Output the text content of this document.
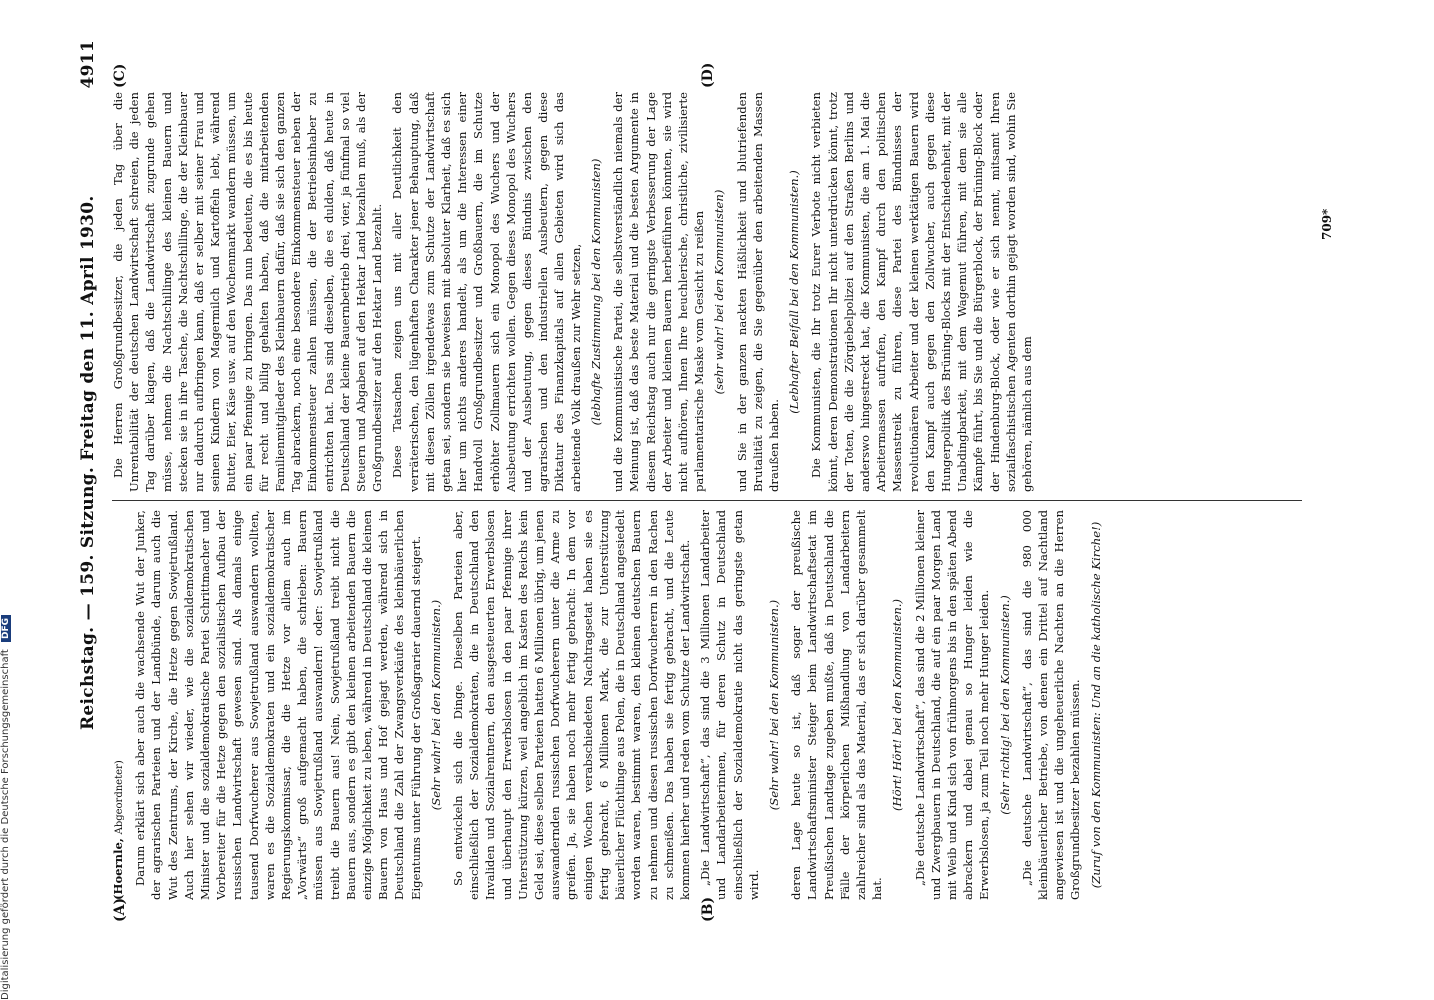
Reichstag. — 159. Sitzung. Freitag den 11. April 1930.
4911
(A)	(B)
(C)	(D)

(Hoernle, Abgeordneter) Darum erklärt sich aber auch die wachsende Wut der Junker, der agrarischen Parteien und der Landbünde, darum auch die Wut des Zentrums, der Kirche, die Hetze gegen Sowjetrußland. Auch hier sehen wir wieder, wie die sozialdemokratischen Minister und die sozialdemokratische Partei Schrittmacher und Vorbereiter für die Hetze gegen den sozialistischen Aufbau der russischen Landwirtschaft gewesen sind. Als damals einige tausend Dorfwucherer aus Sowjetrußland auswandern wollten, waren es die Sozialdemokraten und ein sozialdemokratischer Regierungskommissar, die die Hetze vor allem auch im „Vorwärts“ groß aufgemacht haben, die schrieben: Bauern müssen aus Sowjetrußland auswandern! oder: Sowjetrußland treibt die Bauern aus! Nein, Sowjetrußland treibt nicht die Bauern aus, sondern es gibt den kleinen arbeitenden Bauern die einzige Möglichkeit zu leben, während in Deutschland die kleinen Bauern von Haus und Hof gejagt werden, während sich in Deutschland die Zahl der Zwangsverkäufe des kleinbäuerlichen Eigentums unter Führung der Großagrarier dauernd steigert. (Sehr wahr! bei den Kommunisten.) So entwickeln sich die Dinge. Dieselben Parteien aber, einschließlich der Sozialdemokraten, die in Deutschland den Invaliden und Sozialrentnern, den ausgesteuerten Erwerbslosen und überhaupt den Erwerbslosen in den paar Pfennige ihrer Unterstützung kürzen, weil angeblich im Kasten des Reichs kein Geld sei, diese selben Parteien hatten 6 Millionen übrig, um jenen auswandernden russischen Dorfwucherern unter die Arme zu greifen. Ja, sie haben noch mehr fertig gebracht: In dem vor einigen Wochen verabschiedeten Nachtragsetat haben sie es fertig gebracht, 6 Millionen Mark, die zur Unterstützung bäuerlicher Flüchtlinge aus Polen, die in Deutschland angesiedelt worden waren, bestimmt waren, den kleinen deutschen Bauern zu nehmen und diesen russischen Dorfwucherern in den Rachen zu schmeißen. Das haben sie fertig gebracht, und die Leute kommen hierher und reden vom Schutze der Landwirtschaft. „Die Landwirtschaft“, das sind die 3 Millionen Landarbeiter und Landarbeiterinnen, für deren Schutz in Deutschland einschließlich der Sozialdemokratie nicht das geringste getan wird.

(Sehr wahr! bei den Kommunisten.) deren Lage heute so ist, daß sogar der preußische Landwirtschaftsminister Steiger beim Landwirtschaftsetat im Preußischen Landtage zugeben mußte, daß in Deutschland die Fälle der körperlichen Mißhandlung von Landarbeitern zahlreicher sind als das Material, das er sich darüber gesammelt hat.

(Hört! Hört! bei den Kommunisten.) „Die deutsche Landwirtschaft“, das sind die 2 Millionen kleiner und Zwergbauern in Deutschland, die auf ein paar Morgen Land mit Weib und Kind sich von frühmorgens bis in den späten Abend abrackern und dabei genau so Hunger leiden wie die Erwerbslosen, ja zum Teil noch mehr Hunger leiden. (Sehr richtig! bei den Kommunisten.) „Die deutsche Landwirtschaft“, das sind die 980 000 kleinbäuerlicher Betriebe, von denen ein Drittel auf Nachtland angewiesen ist und die ungeheuerliche Nachten an die Herren Großgrundbesitzer bezahlen müssen. (Zuruf von den Kommunisten: Und an die katholische Kirche!)

Die Herren Großgrundbesitzer, die jeden Tag über die Unrentabilität der deutschen Landwirtschaft schreien, die jeden Tag darüber klagen, daß die Landwirtschaft zugrunde gehen müsse, nehmen die Nachtschillinge des kleinen Bauern und stecken sie in ihre Tasche, die Nachtschillinge, die der Kleinbauer nur dadurch aufbringen kann, daß er selber mit seiner Frau und seinen Kindern von Magermilch und Kartoffeln lebt, während Butter, Eier, Käse usw. auf den Wochenmarkt wandern müssen, um ein paar Pfennige zu bringen. Das nun bedeuten, die es bis heute für recht und billig gehalten haben, daß die mitarbeitenden Familienmitglieder des Kleinbauern dafür, daß sie sich den ganzen Tag abrackern, noch eine besondere Einkommensteuer neben der Einkommensteuer zahlen müssen, die der Betriebsinhaber zu entrichten hat. Das sind dieselben, die es dulden, daß heute in Deutschland der kleine Bauernbetrieb drei, vier, ja fünfmal so viel Steuern und Abgaben auf den Hektar Land bezahlen muß, als der Großgrundbesitzer auf den Hektar Land bezahlt. Diese Tatsachen zeigen uns mit aller Deutlichkeit den verräterischen, den lügenhaften Charakter jener Behauptung, daß mit diesen Zöllen irgendetwas zum Schutze der Landwirtschaft getan sei, sondern sie beweisen mit absoluter Klarheit, daß es sich hier um nichts anderes handelt, als um die Interessen einer Handvoll Großgrundbesitzer und Großbauern, die im Schutze erhöhter Zollmauern sich ein Monopol des Wuchers und der Ausbeutung errichten wollen. Gegen dieses Monopol des Wuchers und der Ausbeutung, gegen dieses Bündnis zwischen den agrarischen und den industriellen Ausbeutern, gegen diese Diktatur des Finanzkapitals auf allen Gebieten wird sich das arbeitende Volk draußen zur Wehr setzen, (lebhafte Zustimmung bei den Kommunisten) und die Kommunistische Partei, die selbstverständlich niemals der Meinung ist, daß das beste Material und die besten Argumente in diesem Reichstag auch nur die geringste Verbesserung der Lage der Arbeiter und kleinen Bauern herbeiführen könnten, sie wird nicht aufhören, Ihnen Ihre heuchlerische, christliche, zivilisierte parlamentarische Maske vom Gesicht zu reißen (sehr wahr! bei den Kommunisten) und Sie in der ganzen nackten Häßlichkeit und blutriefenden Brutalität zu zeigen, die Sie gegenüber den arbeitenden Massen draußen haben.

(Lebhafter Beifall bei den Kommunisten.) Die Kommunisten, die Ihr trotz Eurer Verbote nicht verbieten könnt, deren Demonstrationen Ihr nicht unterdrücken könnt, trotz der Toten, die die Zörgiebelpolizei auf den Straßen Berlins und anderswo hingestreckt hat, die Kommunisten, die am 1. Mai die Arbeitermassen aufrufen, den Kampf durch den politischen Massenstreik zu führen, diese Partei des Bündnisses der revolutionären Arbeiter und der kleinen werktätigen Bauern wird den Kampf auch gegen den Zollwucher, auch gegen diese Hungerpolitik des Brüning-Blocks mit der Entschiedenheit, mit der Unabdingbarkeit, mit dem Wagemut führen, mit dem sie alle Kämpfe führt, bis Sie und die Bürgerblock, der Brüning-Block oder der Hindenburg-Block, oder wie er sich nennt, mitsamt Ihren sozialfaschistischen Agenten dorthin gejagt worden sind, wohin Sie gehören, nämlich aus dem

709*
Digitalisierung gefördert durch die Deutsche Forschungsgemeinschaft DFG
